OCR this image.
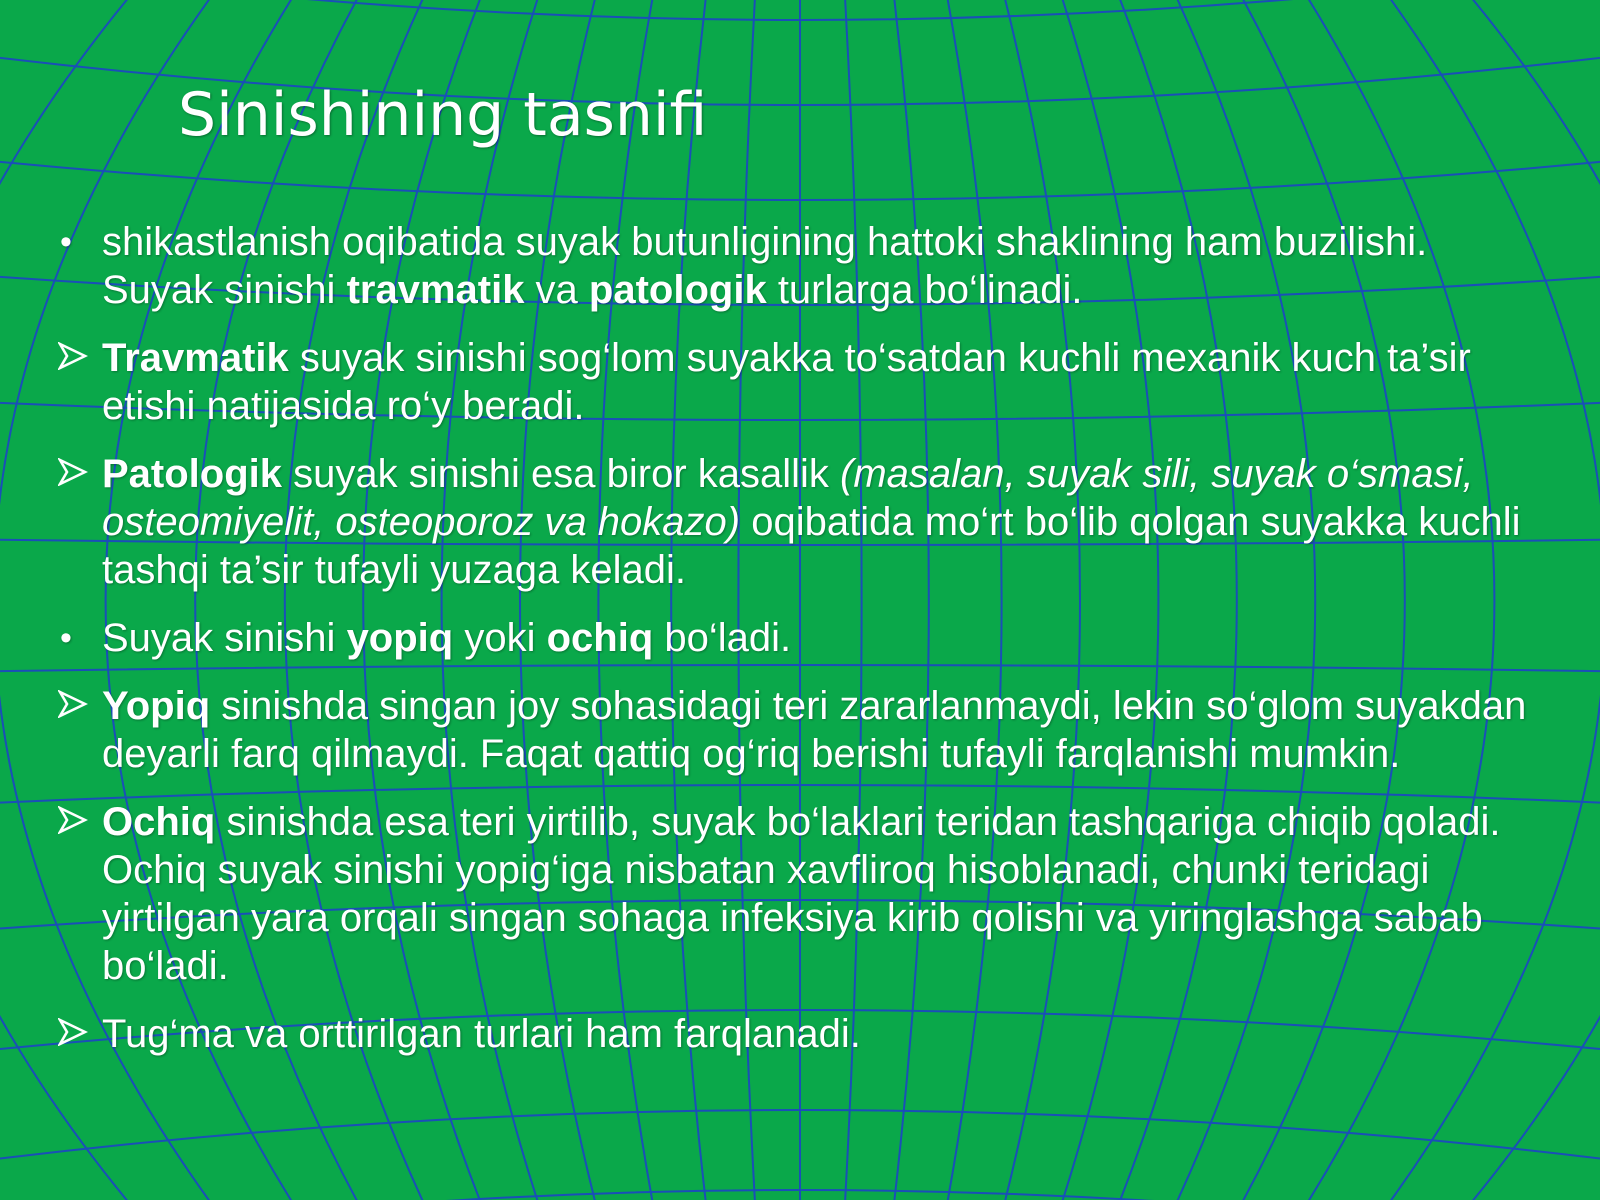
Sinishining tasnifi
• shikastlanish oqibatida suyak butunligining hattoki shaklining ham buzilishi. Suyak sinishi travmatik va patologik turlarga bo‘linadi.
Travmatik suyak sinishi sog‘lom suyakka to‘satdan kuchli mexanik kuch ta’sir etishi natijasida ro‘y beradi.
Patologik suyak sinishi esa biror kasallik (masalan, suyak sili, suyak o‘smasi, osteomiyelit, osteoporoz va hokazo) oqibatida mo‘rt bo‘lib qolgan suyakka kuchli tashqi ta’sir tufayli yuzaga keladi.
• Suyak sinishi yopiq yoki ochiq bo‘ladi.
Yopiq sinishda singan joy sohasidagi teri zararlanmaydi, lekin so‘glom suyakdan deyarli farq qilmaydi. Faqat qattiq og‘riq berishi tufayli farqlanishi mumkin.
Ochiq sinishda esa teri yirtilib, suyak bo‘laklari teridan tashqariga chiqib qoladi. Ochiq suyak sinishi yopig‘iga nisbatan xavfliroq hisoblanadi, chunki teridagi yirtilgan yara orqali singan sohaga infeksiya kirib qolishi va yiringlashga sabab bo‘ladi.
Tug‘ma va orttirilgan turlari ham farqlanadi.
